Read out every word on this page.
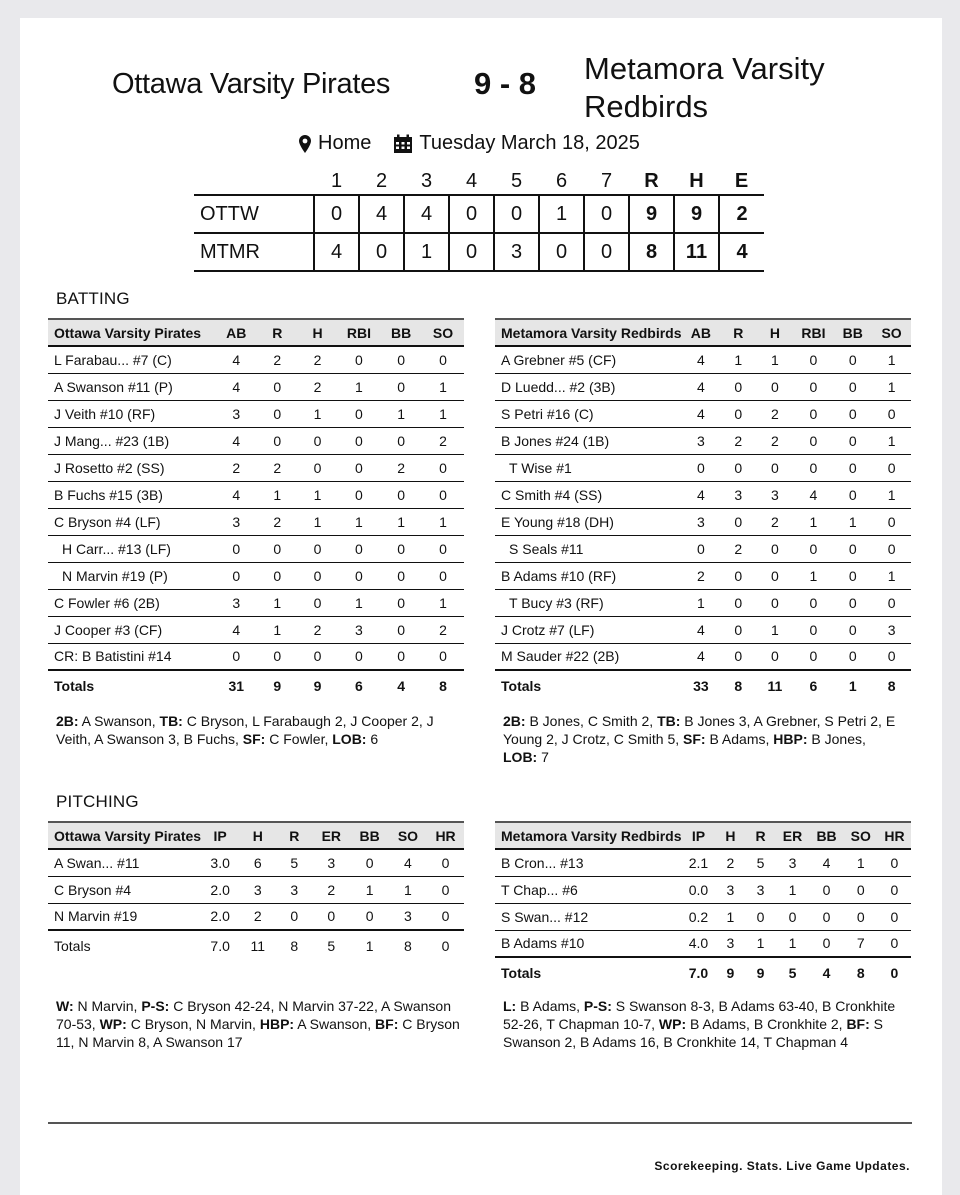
Ottawa Varsity Pirates	9 - 8 Metamora Varsity
Redbirds
Home Tuesday March 18, 2025
	1	2	3	4	5	6	7	R	H	E
OTTW	0	4	4	0	0	1	0	9	9	2
MTMR	4	0	1	0	3	0	0	8	11	4
BATTING
Ottawa Varsity Pirates	AB	R	H	RBI	BB	SO
L Farabau... #7 (C)	4	2	2	0	0	0
A Swanson #11 (P)	4	0	2	1	0	1
J Veith #10 (RF)	3	0	1	0	1	1
J Mang... #23 (1B)	4	0	0	0	0	2
J Rosetto #2 (SS)	2	2	0	0	2	0
B Fuchs #15 (3B)	4	1	1	0	0	0
C Bryson #4 (LF)	3	2	1	1	1	1
H Carr... #13 (LF)	0	0	0	0	0	0
N Marvin #19 (P)	0	0	0	0	0	0
C Fowler #6 (2B)	3	1	0	1	0	1
J Cooper #3 (CF)	4	1	2	3	0	2
CR: B Batistini #14	0	0	0	0	0	0
Totals	31	9	9	6	4	8
Metamora Varsity Redbirds	AB	R	H	RBI	BB	SO
A Grebner #5 (CF)	4	1	1	0	0	1
D Luedd... #2 (3B)	4	0	0	0	0	1
S Petri #16 (C)	4	0	2	0	0	0
B Jones #24 (1B)	3	2	2	0	0	1
T Wise #1	0	0	0	0	0	0
C Smith #4 (SS)	4	3	3	4	0	1
E Young #18 (DH)	3	0	2	1	1	0
S Seals #11	0	2	0	0	0	0
B Adams #10 (RF)	2	0	0	1	0	1
T Bucy #3 (RF)	1	0	0	0	0	0
J Crotz #7 (LF)	4	0	1	0	0	3
M Sauder #22 (2B)	4	0	0	0	0	0
Totals	33	8	11	6	1	8
2B: A Swanson, TB: C Bryson, L Farabaugh 2, J Cooper 2, J Veith, A Swanson 3, B Fuchs, SF: C Fowler, LOB: 6
2B: B Jones, C Smith 2, TB: B Jones 3, A Grebner, S Petri 2, E Young 2, J Crotz, C Smith 5, SF: B Adams, HBP: B Jones, LOB: 7
PITCHING
Ottawa Varsity Pirates	IP	H	R	ER	BB	SO	HR
A Swan... #11	3.0	6	5	3	0	4	0
C Bryson #4	2.0	3	3	2	1	1	0
N Marvin #19	2.0	2	0	0	0	3	0
Totals	7.0	11	8	5	1	8	0
Metamora Varsity Redbirds	IP	H	R	ER	BB	SO	HR
B Cron... #13	2.1	2	5	3	4	1	0
T Chap... #6	0.0	3	3	1	0	0	0
S Swan... #12	0.2	1	0	0	0	0	0
B Adams #10	4.0	3	1	1	0	7	0
Totals	7.0	9	9	5	4	8	0
W: N Marvin, P-S: C Bryson 42-24, N Marvin 37-22, A Swanson 70-53, WP: C Bryson, N Marvin, HBP: A Swanson, BF: C Bryson 11, N Marvin 8, A Swanson 17
L: B Adams, P-S: S Swanson 8-3, B Adams 63-40, B Cronkhite 52-26, T Chapman 10-7, WP: B Adams, B Cronkhite 2, BF: S Swanson 2, B Adams 16, B Cronkhite 14, T Chapman 4
Scorekeeping. Stats. Live Game Updates.
